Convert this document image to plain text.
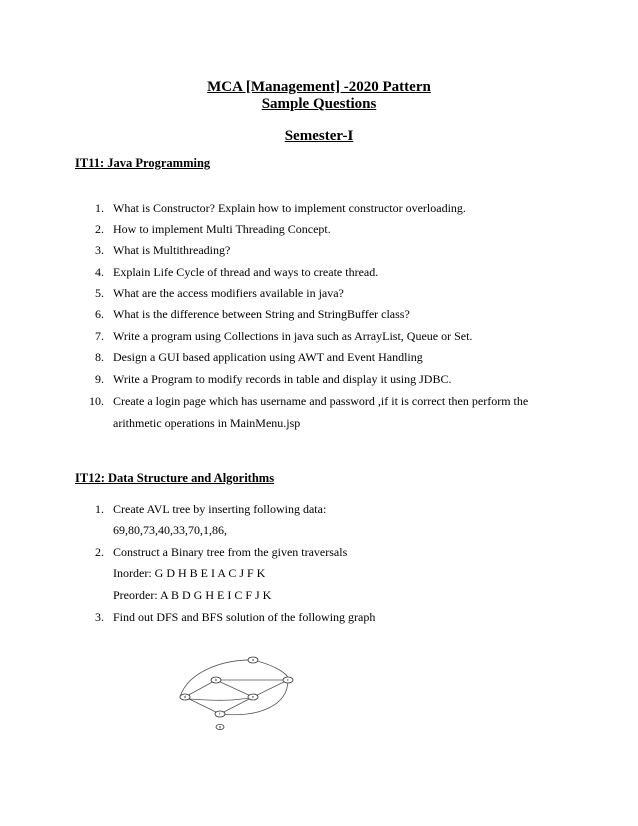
MCA [Management] -2020 Pattern
Sample Questions
Semester-I
IT11: Java Programming
1. What is Constructor? Explain how to implement constructor overloading.
2. How to implement Multi Threading Concept.
3. What is Multithreading?
4. Explain Life Cycle of thread and ways to create thread.
5. What are the access modifiers available in java?
6. What is the difference between String and StringBuffer class?
7. Write a program using Collections in java such as ArrayList, Queue or Set.
8. Design a GUI based application using AWT and Event Handling
9. Write a Program to modify records in table and display it using JDBC.
10. Create a login page which has username and password ,if it is correct then perform the
arithmetic operations in MainMenu.jsp
IT12: Data Structure and Algorithms
1. Create AVL tree by inserting following data:
69,80,73,40,33,70,1,86,
2. Construct a Binary tree from the given traversals
Inorder: G D H B E I A C J F K
Preorder: A B D G H E I C F J K
3. Find out DFS and BFS solution of the following graph
a
b	c
d	e
f
g
